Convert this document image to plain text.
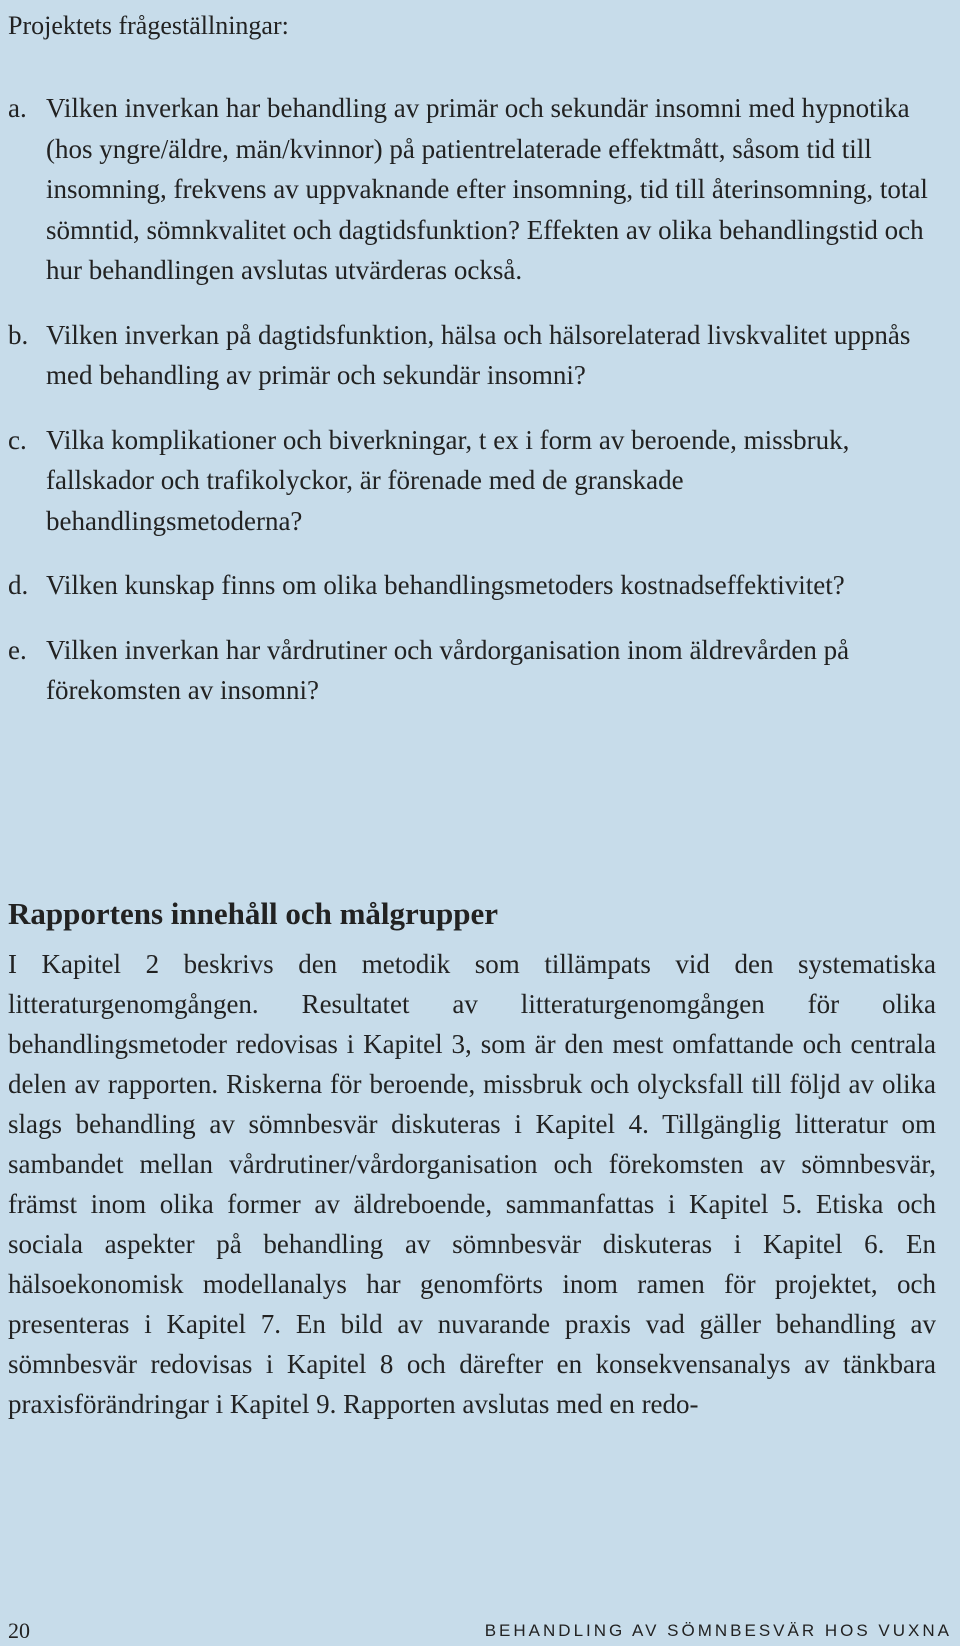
Projektets frågeställningar:
a. Vilken inverkan har behandling av primär och sekundär insomni med hypnotika (hos yngre/äldre, män/kvinnor) på patientrelaterade effektmått, såsom tid till insomning, frekvens av uppvaknande efter insomning, tid till återinsomning, total sömntid, sömnkvalitet och dagtidsfunktion? Effekten av olika behandlingstid och hur behandlingen avslutas utvärderas också.
b. Vilken inverkan på dagtidsfunktion, hälsa och hälsorelaterad livskvalitet uppnås med behandling av primär och sekundär insomni?
c. Vilka komplikationer och biverkningar, t ex i form av beroende, missbruk, fallskador och trafikolyckor, är förenade med de granskade behandlingsmetoderna?
d. Vilken kunskap finns om olika behandlingsmetoders kostnadseffektivitet?
e. Vilken inverkan har vårdrutiner och vårdorganisation inom äldrevården på förekomsten av insomni?
Rapportens innehåll och målgrupper
I Kapitel 2 beskrivs den metodik som tillämpats vid den systematiska litteraturgenomgången. Resultatet av litteraturgenomgången för olika behandlingsmetoder redovisas i Kapitel 3, som är den mest omfattande och centrala delen av rapporten. Riskerna för beroende, missbruk och olycksfall till följd av olika slags behandling av sömnbesvär diskuteras i Kapitel 4. Tillgänglig litteratur om sambandet mellan vårdrutiner/vårdorganisation och förekomsten av sömnbesvär, främst inom olika former av äldreboende, sammanfattas i Kapitel 5. Etiska och sociala aspekter på behandling av sömnbesvär diskuteras i Kapitel 6. En hälsoekonomisk modellanalys har genomförts inom ramen för projektet, och presenteras i Kapitel 7. En bild av nuvarande praxis vad gäller behandling av sömnbesvär redovisas i Kapitel 8 och därefter en konsekvensanalys av tänkbara praxisförändringar i Kapitel 9. Rapporten avslutas med en redo-
20	BEHANDLING AV SÖMNBESVÄR HOS VUXNA
